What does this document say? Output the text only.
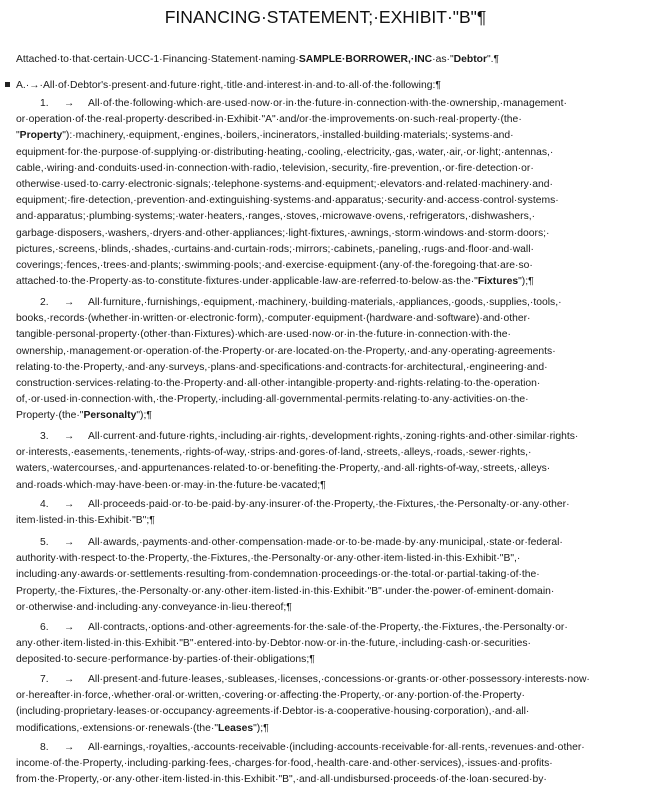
FINANCING·STATEMENT;·EXHIBIT·"B"¶
Attached·to·that·certain·UCC-1·Financing·Statement·naming·SAMPLE·BORROWER,·INC·as·"Debtor".¶
A.·→·All·of·Debtor's·present·and·future·right,·title·and·interest·in·and·to·all·of·the·following:¶

1. → All·of·the·following·which·are·used·now·or·in·the·future·in·connection·with·the·ownership,·management·

or·operation·of·the·real·property·described·in·Exhibit·"A"·and/or·the·improvements·on·such·real·property·(the·

"Property"):·machinery,·equipment,·engines,·boilers,·incinerators,·installed·building·materials;·systems·and·

equipment·for·the·purpose·of·supplying·or·distributing·heating,·cooling,·electricity,·gas,·water,·air,·or·light;·antennas,·

cable,·wiring·and·conduits·used·in·connection·with·radio,·television,·security,·fire·prevention,·or·fire·detection·or·

otherwise·used·to·carry·electronic·signals;·telephone·systems·and·equipment;·elevators·and·related·machinery·and·

equipment;·fire·detection,·prevention·and·extinguishing·systems·and·apparatus;·security·and·access·control·systems·

and·apparatus;·plumbing·systems;·water·heaters,·ranges,·stoves,·microwave·ovens,·refrigerators,·dishwashers,·

garbage·disposers,·washers,·dryers·and·other·appliances;·light·fixtures,·awnings,·storm·windows·and·storm·doors;·

pictures,·screens,·blinds,·shades,·curtains·and·curtain·rods;·mirrors;·cabinets,·paneling,·rugs·and·floor·and·wall·

coverings;·fences,·trees·and·plants;·swimming·pools;·and·exercise·equipment·(any·of·the·foregoing·that·are·so·

attached·to·the·Property·as·to·constitute·fixtures·under·applicable·law·are·referred·to·below·as·the·"Fixtures");¶

2. → All·furniture,·furnishings,·equipment,·machinery,·building·materials,·appliances,·goods,·supplies,·tools,·

books,·records·(whether·in·written·or·electronic·form),·computer·equipment·(hardware·and·software)·and·other·

tangible·personal·property·(other·than·Fixtures)·which·are·used·now·or·in·the·future·in·connection·with·the·

ownership,·management·or·operation·of·the·Property·or·are·located·on·the·Property,·and·any·operating·agreements·

relating·to·the·Property,·and·any·surveys,·plans·and·specifications·and·contracts·for·architectural,·engineering·and·

construction·services·relating·to·the·Property·and·all·other·intangible·property·and·rights·relating·to·the·operation·

of,·or·used·in·connection·with,·the·Property,·including·all·governmental·permits·relating·to·any·activities·on·the·

Property·(the·"Personalty");¶

3. → All·current·and·future·rights,·including·air·rights,·development·rights,·zoning·rights·and·other·similar·rights·

or·interests,·easements,·tenements,·rights-of-way,·strips·and·gores·of·land,·streets,·alleys,·roads,·sewer·rights,·

waters,·watercourses,·and·appurtenances·related·to·or·benefiting·the·Property,·and·all·rights-of-way,·streets,·alleys·

and·roads·which·may·have·been·or·may·in·the·future·be·vacated;¶

4. → All·proceeds·paid·or·to·be·paid·by·any·insurer·of·the·Property,·the·Fixtures,·the·Personalty·or·any·other·

item·listed·in·this·Exhibit·"B";¶

5. → All·awards,·payments·and·other·compensation·made·or·to·be·made·by·any·municipal,·state·or·federal·

authority·with·respect·to·the·Property,·the·Fixtures,·the·Personalty·or·any·other·item·listed·in·this·Exhibit·"B",·

including·any·awards·or·settlements·resulting·from·condemnation·proceedings·or·the·total·or·partial·taking·of·the·

Property,·the·Fixtures,·the·Personalty·or·any·other·item·listed·in·this·Exhibit·"B"·under·the·power·of·eminent·domain·

or·otherwise·and·including·any·conveyance·in·lieu·thereof;¶

6. → All·contracts,·options·and·other·agreements·for·the·sale·of·the·Property,·the·Fixtures,·the·Personalty·or·

any·other·item·listed·in·this·Exhibit·"B"·entered·into·by·Debtor·now·or·in·the·future,·including·cash·or·securities·

deposited·to·secure·performance·by·parties·of·their·obligations;¶

7. → All·present·and·future·leases,·subleases,·licenses,·concessions·or·grants·or·other·possessory·interests·now·

or·hereafter·in·force,·whether·oral·or·written,·covering·or·affecting·the·Property,·or·any·portion·of·the·Property·

(including·proprietary·leases·or·occupancy·agreements·if·Debtor·is·a·cooperative·housing·corporation),·and·all·

modifications,·extensions·or·renewals·(the·"Leases");¶

8. → All·earnings,·royalties,·accounts·receivable·(including·accounts·receivable·for·all·rents,·revenues·and·other·

income·of·the·Property,·including·parking·fees,·charges·for·food,·health·care·and·other·services),·issues·and·profits·

from·the·Property,·or·any·other·item·listed·in·this·Exhibit·"B",·and·all·undisbursed·proceeds·of·the·loan·secured·by·
